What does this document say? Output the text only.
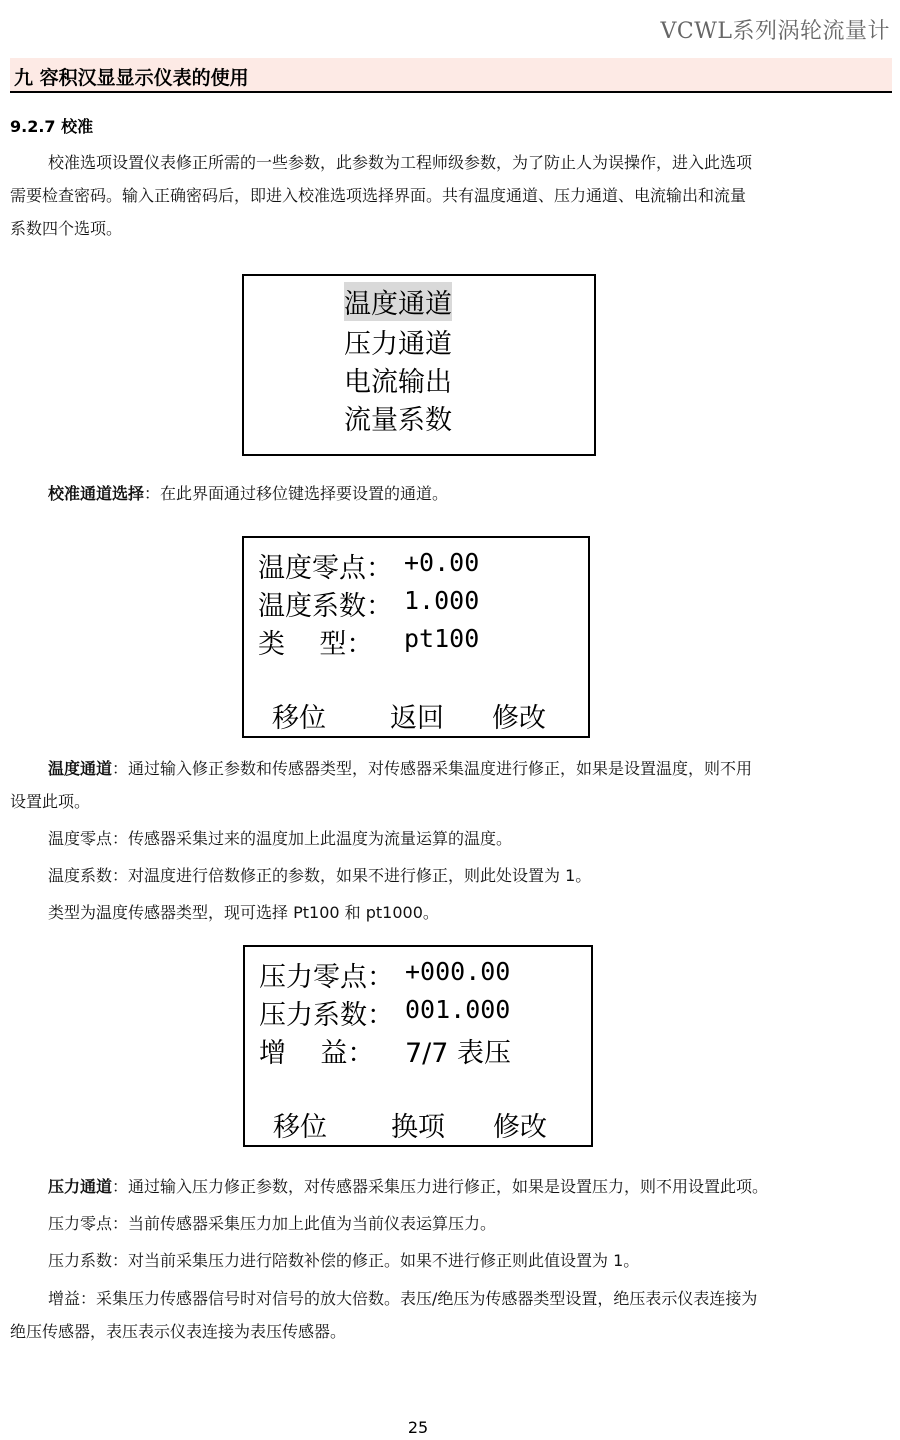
VCWL系列涡轮流量计
九 容积汉显显示仪表的使用
9.2.7 校准
校准选项设置仪表修正所需的一些参数，此参数为工程师级参数，为了防止人为误操作，进入此选项
需要检查密码。输入正确密码后，即进入校准选项选择界面。共有温度通道、压力通道、电流输出和流量
系数四个选项。
温度通道
压力通道
电流输出
流量系数
校准通道选择：在此界面通过移位键选择要设置的通道。
温度零点： +0.00
温度系数： 1.000
类    型： pt100
移位 返回 修改
温度通道：通过输入修正参数和传感器类型，对传感器采集温度进行修正，如果是设置温度，则不用
设置此项。
温度零点：传感器采集过来的温度加上此温度为流量运算的温度。
温度系数：对温度进行倍数修正的参数，如果不进行修正，则此处设置为 1。
类型为温度传感器类型，现可选择 Pt100 和 pt1000。
压力零点： +000.00
压力系数： 001.000
增    益： 7/7 表压
移位 换项 修改
压力通道：通过输入压力修正参数，对传感器采集压力进行修正，如果是设置压力，则不用设置此项。
压力零点：当前传感器采集压力加上此值为当前仪表运算压力。
压力系数：对当前采集压力进行陪数补偿的修正。如果不进行修正则此值设置为 1。
增益：采集压力传感器信号时对信号的放大倍数。表压/绝压为传感器类型设置，绝压表示仪表连接为
绝压传感器，表压表示仪表连接为表压传感器。
25
